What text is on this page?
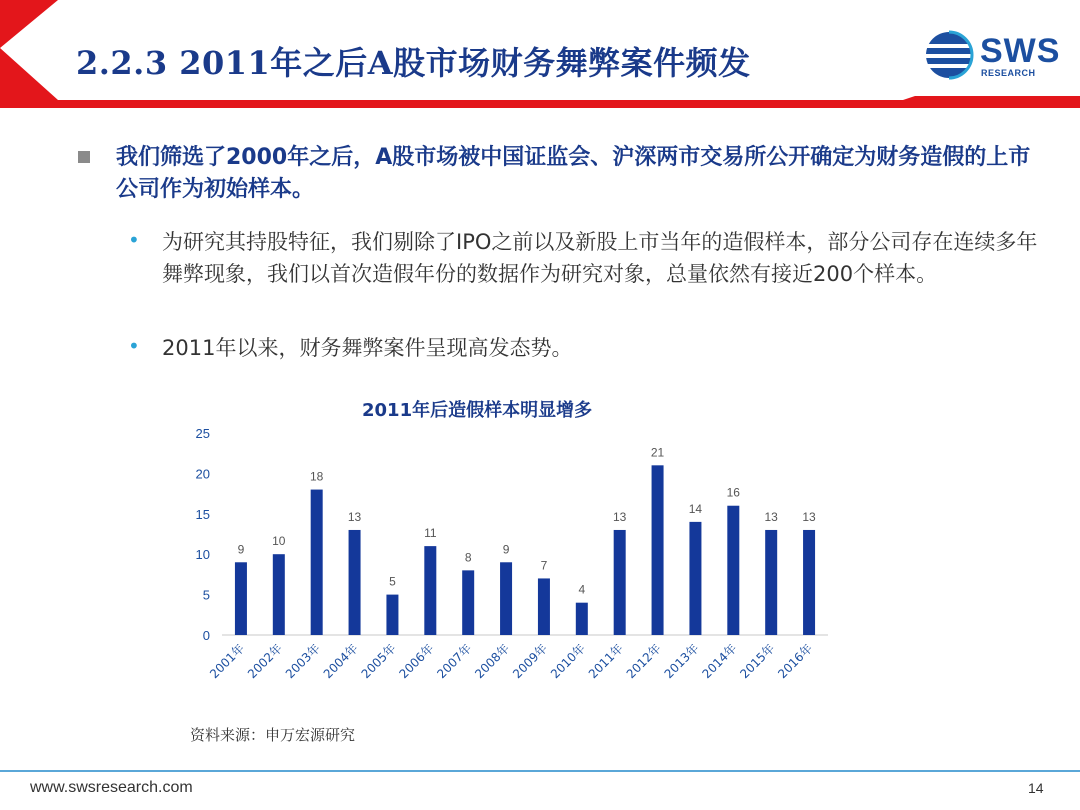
2.2.3 2011年之后A股市场财务舞弊案件频发	SWS
RESEARCH
我们筛选了2000年之后，A股市场被中国证监会、沪深两市交易所公开确定为财务造假的上市公司作为初始样本。
• 为研究其持股特征，我们剔除了IPO之前以及新股上市当年的造假样本，部分公司存在连续多年舞弊现象，我们以首次造假年份的数据作为研究对象，总量依然有接近200个样本。
• 2011年以来，财务舞弊案件呈现高发态势。
2011年后造假样本明显增多
0
5
10
15
20
25
9
2001年
10
2002年
18
2003年
13
2004年
5
2005年
11
2006年
8
2007年
9
2008年
7
2009年
4
2010年
13
2011年
21
2012年
14
2013年
16
2014年
13
2015年
13
2016年
资料来源：申万宏源研究
www.swsresearch.com	14
